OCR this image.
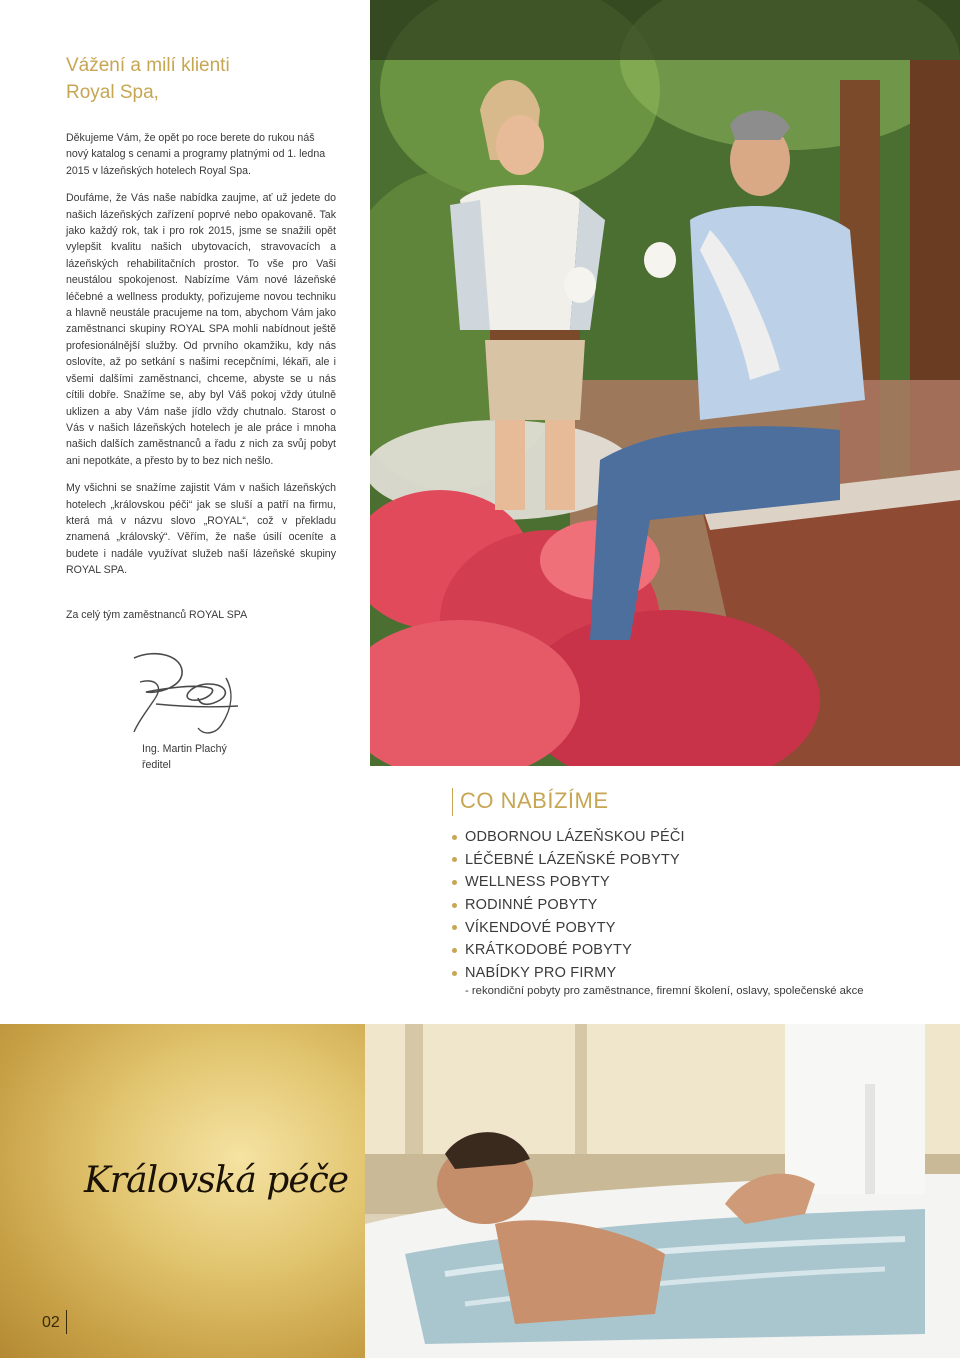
Vážení a milí klienti
Royal Spa,

Děkujeme Vám, že opět po roce berete do rukou náš nový katalog s cenami a programy platnými od 1. ledna 2015 v lázeňských hotelech Royal Spa.

Doufáme, že Vás naše nabídka zaujme, ať už jedete do našich lázeňských zařízení poprvé nebo opakovaně. Tak jako každý rok, tak i pro rok 2015, jsme se snažili opět vylepšit kvalitu našich ubytovacích, stravovacích a lázeňských rehabilitačních prostor. To vše pro Vaši neustálou spokojenost. Nabízíme Vám nové lázeňské léčebné a wellness produkty, pořizujeme novou techniku a hlavně neustále pracujeme na tom, abychom Vám jako zaměstnanci skupiny ROYAL SPA mohli nabídnout ještě profesionálnější služby. Od prvního okamžiku, kdy nás oslovíte, až po setkání s našimi recepčními, lékaři, ale i všemi dalšími zaměstnanci, chceme, abyste se u nás cítili dobře. Snažíme se, aby byl Váš pokoj vždy útulně uklizen a aby Vám naše jídlo vždy chutnalo. Starost o Vás v našich lázeňských hotelech je ale práce i mnoha našich dalších zaměstnanců a řadu z nich za svůj pobyt ani nepotkáte, a přesto by to bez nich nešlo.

My všichni se snažíme zajistit Vám v našich lázeňských hotelech „královskou péči“ jak se sluší a patří na firmu, která má v názvu slovo „ROYAL“, což v překladu znamená „královský“. Věřím, že naše úsilí oceníte a budete i nadále využívat služeb naší lázeňské skupiny ROYAL SPA.

Za celý tým zaměstnanců ROYAL SPA
Ing. Martin Plachý
ředitel
CO NABÍZÍME
ODBORNOU LÁZEŇSKOU PÉČI
LÉČEBNÉ LÁZEŇSKÉ POBYTY
WELLNESS POBYTY
RODINNÉ POBYTY
VÍKENDOVÉ POBYTY
KRÁTKODOBÉ POBYTY
NABÍDKY PRO FIRMY
- rekondiční pobyty pro zaměstnance, firemní školení, oslavy, společenské akce
Královská péče
02
